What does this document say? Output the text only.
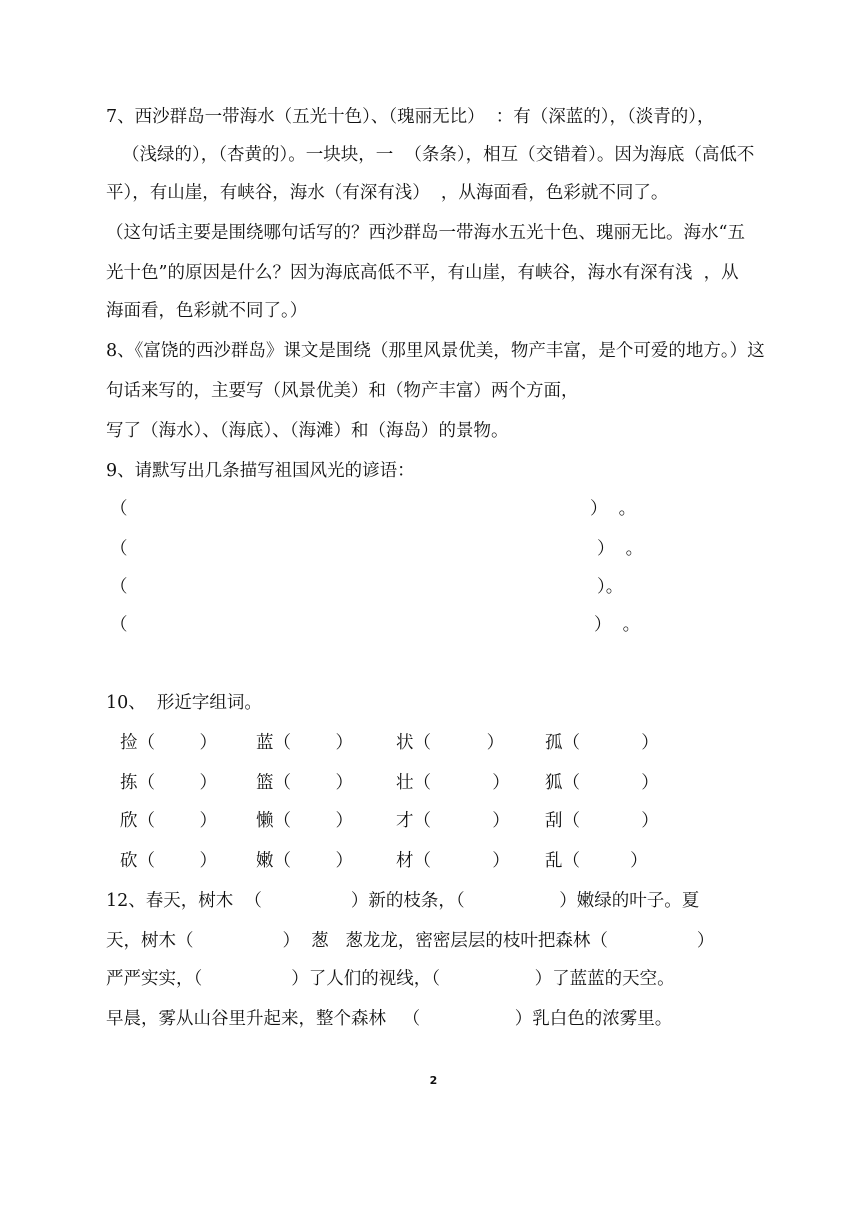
7、西沙群岛一带海水（五光十色）、（瑰丽无比）  ：有（深蓝的），（淡青的），
（浅绿的），（杏黄的）。一块块，一  （条条），相互（交错着）。因为海底（高低不
平），有山崖，有峡谷，海水（有深有浅）  ，从海面看，色彩就不同了。
（这句话主要是围绕哪句话写的？西沙群岛一带海水五光十色、瑰丽无比。海水“五
光十色”的原因是什么？因为海底高低不平，有山崖，有峡谷，海水有深有浅  ，从
海面看，色彩就不同了。）
8、《富饶的西沙群岛》课文是围绕（那里风景优美，物产丰富，是个可爱的地方。）这
句话来写的，主要写（风景优美）和（物产丰富）两个方面，
写了（海水）、（海底）、（海滩）和（海岛）的景物。
9、请默写出几条描写祖国风光的谚语：
（	）  。
（	）  。
（	）。
（	）  。
10、  形近字组词。
捡（        ） 蓝（        ） 状（          ） 孤（           ）
拣（        ） 篮（        ） 壮（           ） 狐（           ）
欣（        ） 懒（        ） 才（           ） 刮（           ）
砍（        ） 嫩（        ） 材（           ） 乱（         ）
12、春天，树木  （                ）新的枝条，（                 ）嫩绿的叶子。夏
天，树木（                ）  葱   葱龙龙，密密层层的枝叶把森林（                ）
严严实实，（                ）了人们的视线，（                 ）了蓝蓝的天空。
早晨，雾从山谷里升起来，整个森林   （                 ）乳白色的浓雾里。
2
